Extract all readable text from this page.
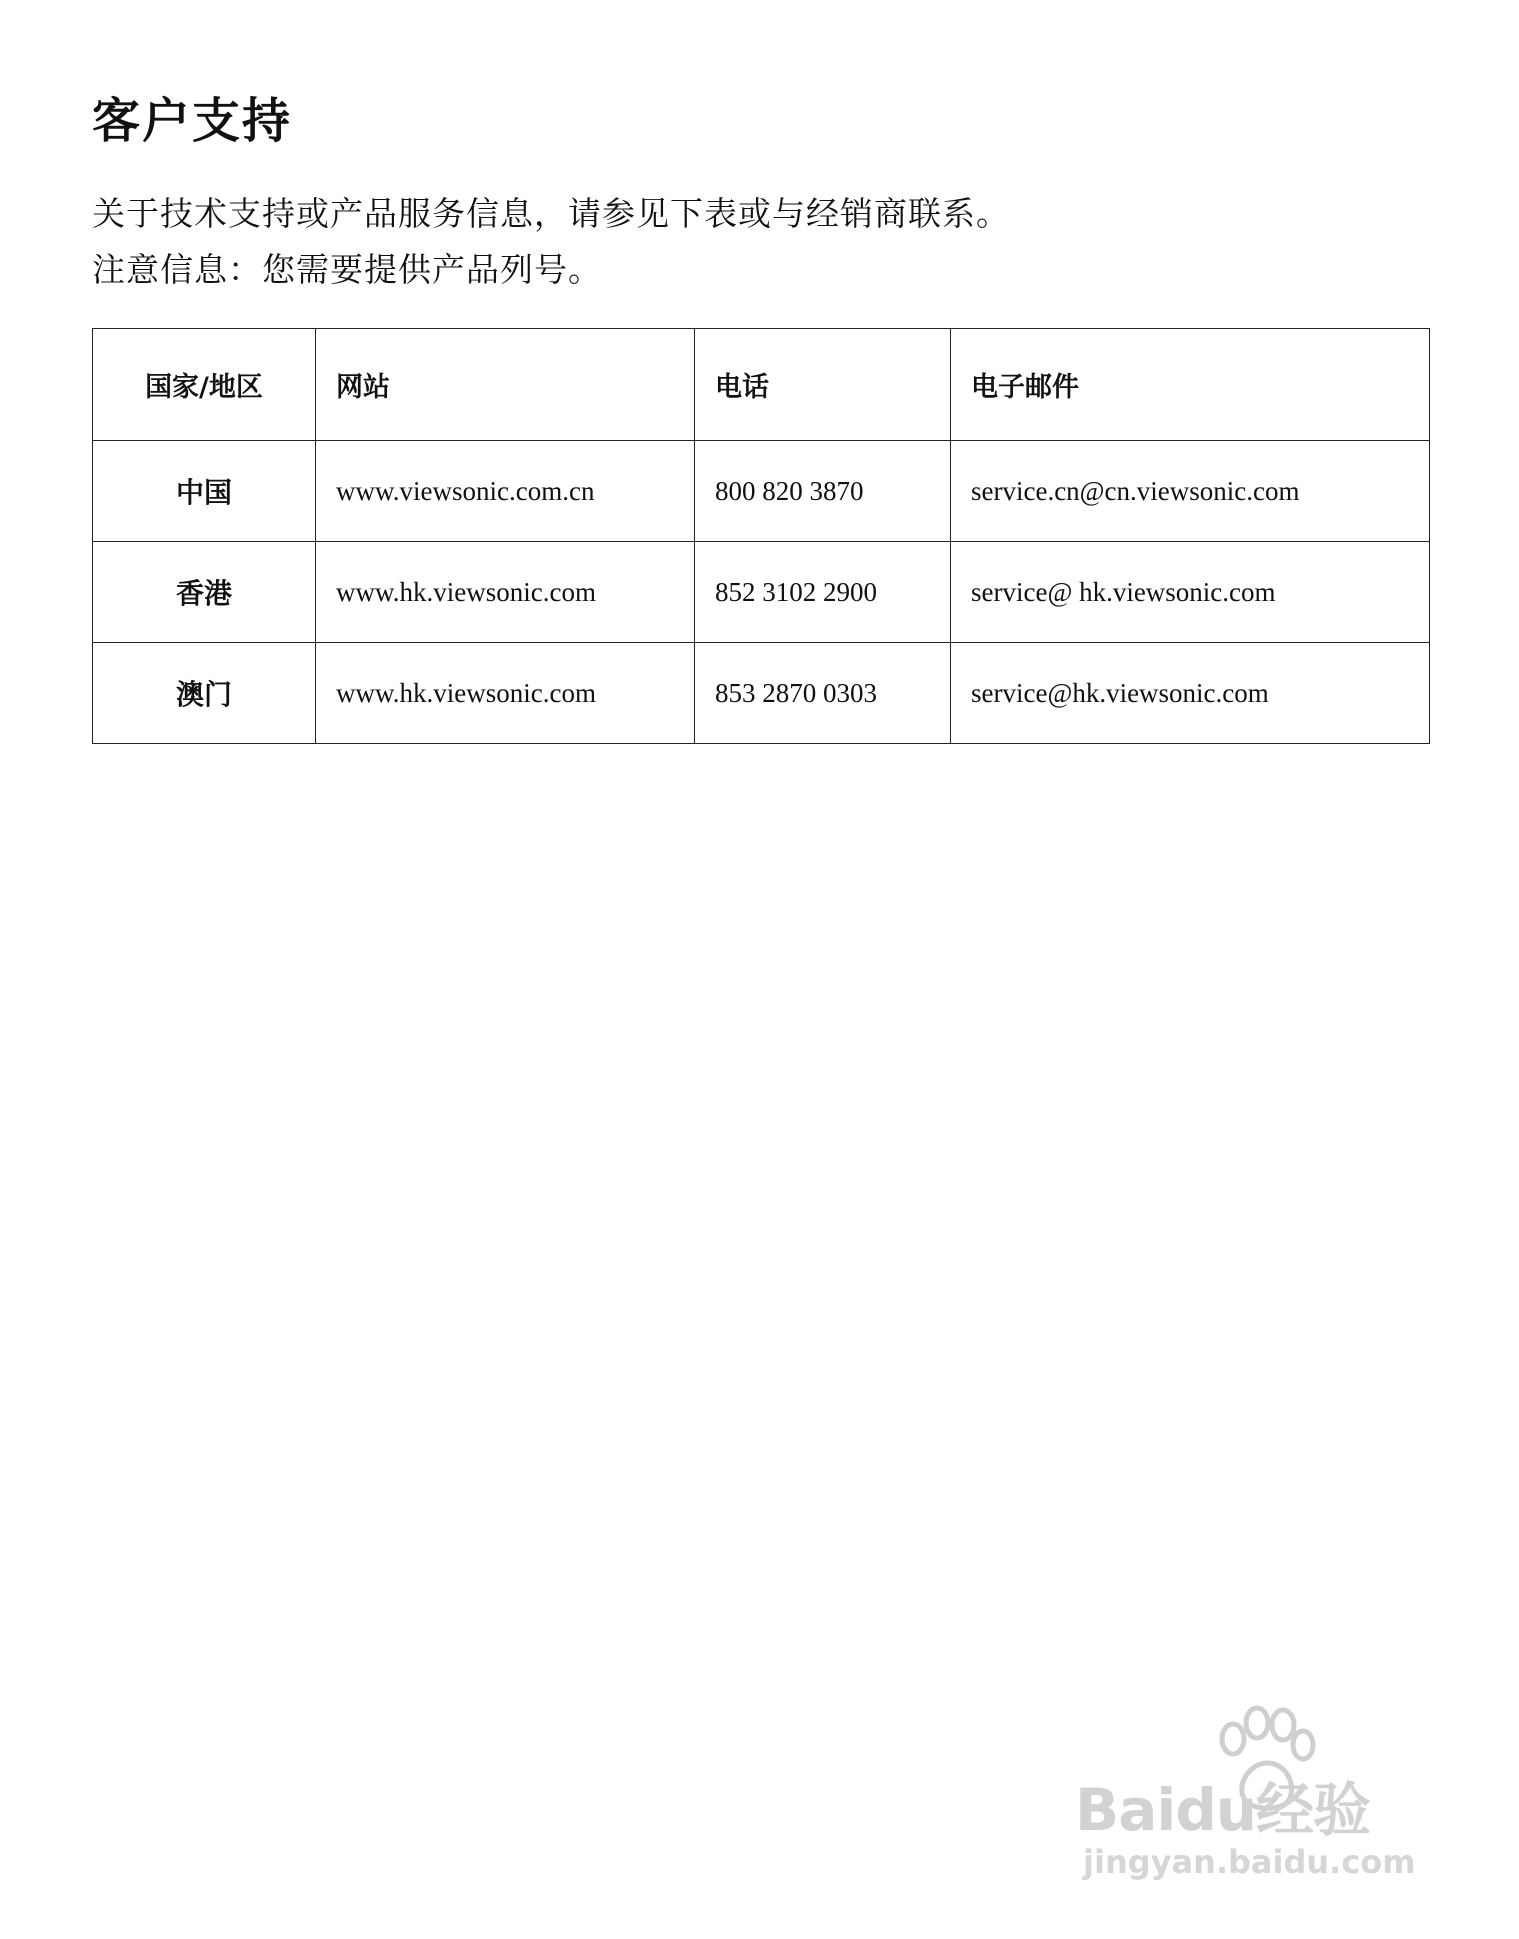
客户支持

关于技术支持或产品服务信息，请参见下表或与经销商联系。

注意信息：您需要提供产品列号。

国家/地区	网站	电话	电子邮件
中国	www.viewsonic.com.cn	800 820 3870	service.cn@cn.viewsonic.com
香港	www.hk.viewsonic.com	852 3102 2900	service@ hk.viewsonic.com
澳门	www.hk.viewsonic.com	853 2870 0303	service@hk.viewsonic.com
Baidu经验
jingyan.baidu.com
